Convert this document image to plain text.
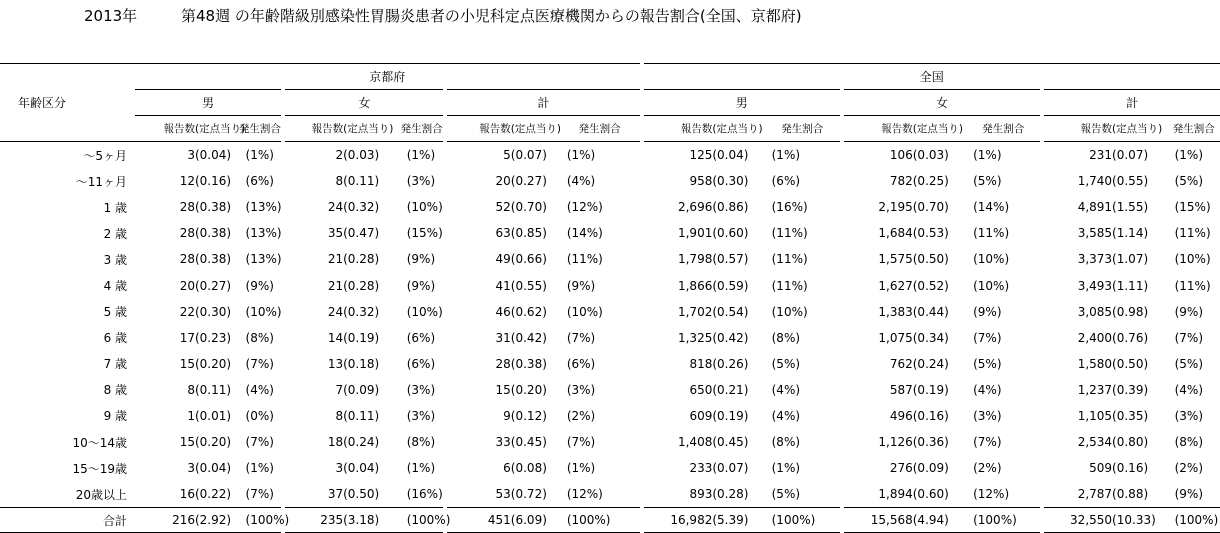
2013年	第48週 の年齢階級別感染性胃腸炎患者の小児科定点医療機関からの報告割合(全国、京都府)
年齢区分	京都府									全国								
	男			女			計			男			女			計		
	報告数	(定点当り)	発生割合	報告数	(定点当り)	発生割合	報告数	(定点当り)	発生割合	報告数	(定点当り)	発生割合	報告数	(定点当り)	発生割合	報告数	(定点当り)	発生割合
～5ヶ月	3	(0.04)	(1%)	2	(0.03)	(1%)	5	(0.07)	(1%)	125	(0.04)	(1%)	106	(0.03)	(1%)	231	(0.07)	(1%)
～11ヶ月	12	(0.16)	(6%)	8	(0.11)	(3%)	20	(0.27)	(4%)	958	(0.30)	(6%)	782	(0.25)	(5%)	1,740	(0.55)	(5%)
1 歳	28	(0.38)	(13%)	24	(0.32)	(10%)	52	(0.70)	(12%)	2,696	(0.86)	(16%)	2,195	(0.70)	(14%)	4,891	(1.55)	(15%)
2 歳	28	(0.38)	(13%)	35	(0.47)	(15%)	63	(0.85)	(14%)	1,901	(0.60)	(11%)	1,684	(0.53)	(11%)	3,585	(1.14)	(11%)
3 歳	28	(0.38)	(13%)	21	(0.28)	(9%)	49	(0.66)	(11%)	1,798	(0.57)	(11%)	1,575	(0.50)	(10%)	3,373	(1.07)	(10%)
4 歳	20	(0.27)	(9%)	21	(0.28)	(9%)	41	(0.55)	(9%)	1,866	(0.59)	(11%)	1,627	(0.52)	(10%)	3,493	(1.11)	(11%)
5 歳	22	(0.30)	(10%)	24	(0.32)	(10%)	46	(0.62)	(10%)	1,702	(0.54)	(10%)	1,383	(0.44)	(9%)	3,085	(0.98)	(9%)
6 歳	17	(0.23)	(8%)	14	(0.19)	(6%)	31	(0.42)	(7%)	1,325	(0.42)	(8%)	1,075	(0.34)	(7%)	2,400	(0.76)	(7%)
7 歳	15	(0.20)	(7%)	13	(0.18)	(6%)	28	(0.38)	(6%)	818	(0.26)	(5%)	762	(0.24)	(5%)	1,580	(0.50)	(5%)
8 歳	8	(0.11)	(4%)	7	(0.09)	(3%)	15	(0.20)	(3%)	650	(0.21)	(4%)	587	(0.19)	(4%)	1,237	(0.39)	(4%)
9 歳	1	(0.01)	(0%)	8	(0.11)	(3%)	9	(0.12)	(2%)	609	(0.19)	(4%)	496	(0.16)	(3%)	1,105	(0.35)	(3%)
10～14歳	15	(0.20)	(7%)	18	(0.24)	(8%)	33	(0.45)	(7%)	1,408	(0.45)	(8%)	1,126	(0.36)	(7%)	2,534	(0.80)	(8%)
15～19歳	3	(0.04)	(1%)	3	(0.04)	(1%)	6	(0.08)	(1%)	233	(0.07)	(1%)	276	(0.09)	(2%)	509	(0.16)	(2%)
20歳以上	16	(0.22)	(7%)	37	(0.50)	(16%)	53	(0.72)	(12%)	893	(0.28)	(5%)	1,894	(0.60)	(12%)	2,787	(0.88)	(9%)
合計	216	(2.92)	(100%)	235	(3.18)	(100%)	451	(6.09)	(100%)	16,982	(5.39)	(100%)	15,568	(4.94)	(100%)	32,550	(10.33)	(100%)
